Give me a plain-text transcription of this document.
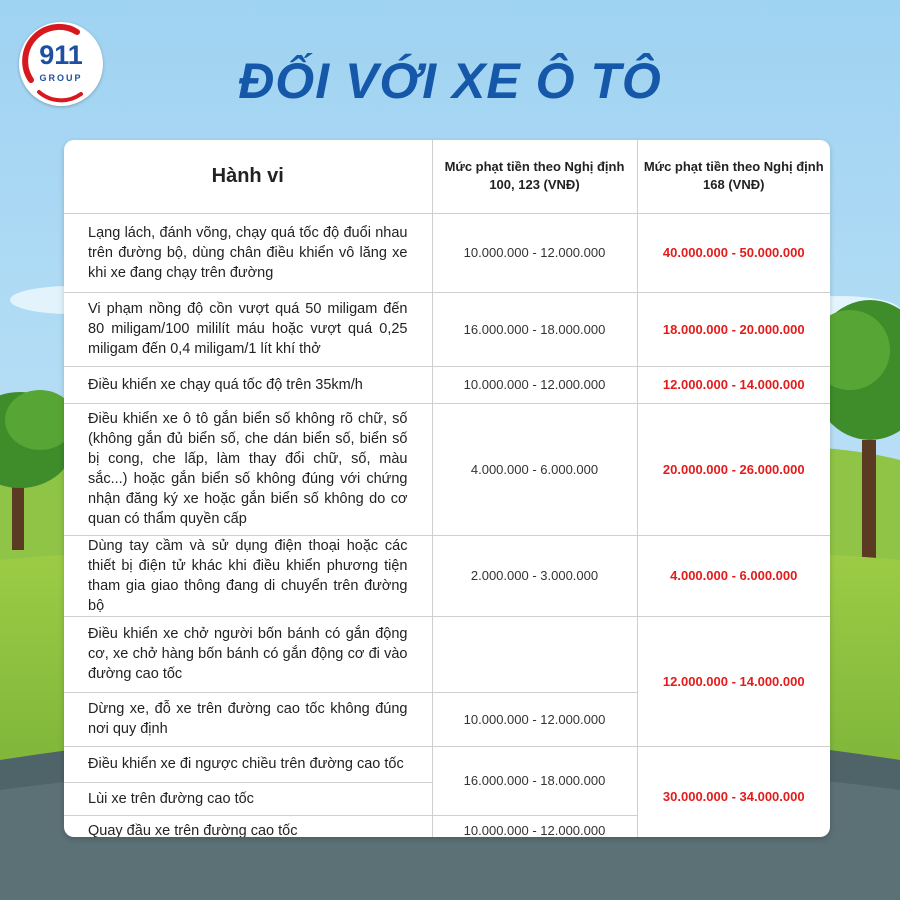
911
GROUP	ĐỐI VỚI XE Ô TÔ
Hành vi	Mức phạt tiền theo Nghị định 100, 123 (VNĐ)	Mức phạt tiền theo Nghị định 168 (VNĐ)
Lạng lách, đánh võng, chạy quá tốc độ đuổi nhau trên đường bộ, dùng chân điều khiển vô lăng xe khi xe đang chạy trên đường	10.000.000 - 12.000.000	40.000.000 - 50.000.000
Vi phạm nồng độ cồn vượt quá 50 miligam đến 80 miligam/100 mililít máu hoặc vượt quá 0,25 miligam đến 0,4 miligam/1 lít khí thở	16.000.000 - 18.000.000	18.000.000 - 20.000.000
Điều khiển xe chạy quá tốc độ trên 35km/h	10.000.000 - 12.000.000	12.000.000 - 14.000.000
Điều khiển xe ô tô gắn biển số không rõ chữ, số (không gắn đủ biển số, che dán biển số, biển số bị cong, che lấp, làm thay đổi chữ, số, màu sắc...) hoặc gắn biển số không đúng với chứng nhận đăng ký xe hoặc gắn biển số không do cơ quan có thẩm quyền cấp	4.000.000 - 6.000.000	20.000.000 - 26.000.000
Dùng tay cầm và sử dụng điện thoại hoặc các thiết bị điện tử khác khi điều khiển phương tiện tham gia giao thông đang di chuyển trên đường bộ	2.000.000 - 3.000.000	4.000.000 - 6.000.000
Điều khiển xe chở người bốn bánh có gắn động cơ, xe chở hàng bốn bánh có gắn động cơ đi vào đường cao tốc		12.000.000 - 14.000.000
Dừng xe, đỗ xe trên đường cao tốc không đúng nơi quy định	10.000.000 - 12.000.000	
Điều khiển xe đi ngược chiều trên đường cao tốc	16.000.000 - 18.000.000	30.000.000 - 34.000.000
Lùi xe trên đường cao tốc		
Quay đầu xe trên đường cao tốc	10.000.000 - 12.000.000	
